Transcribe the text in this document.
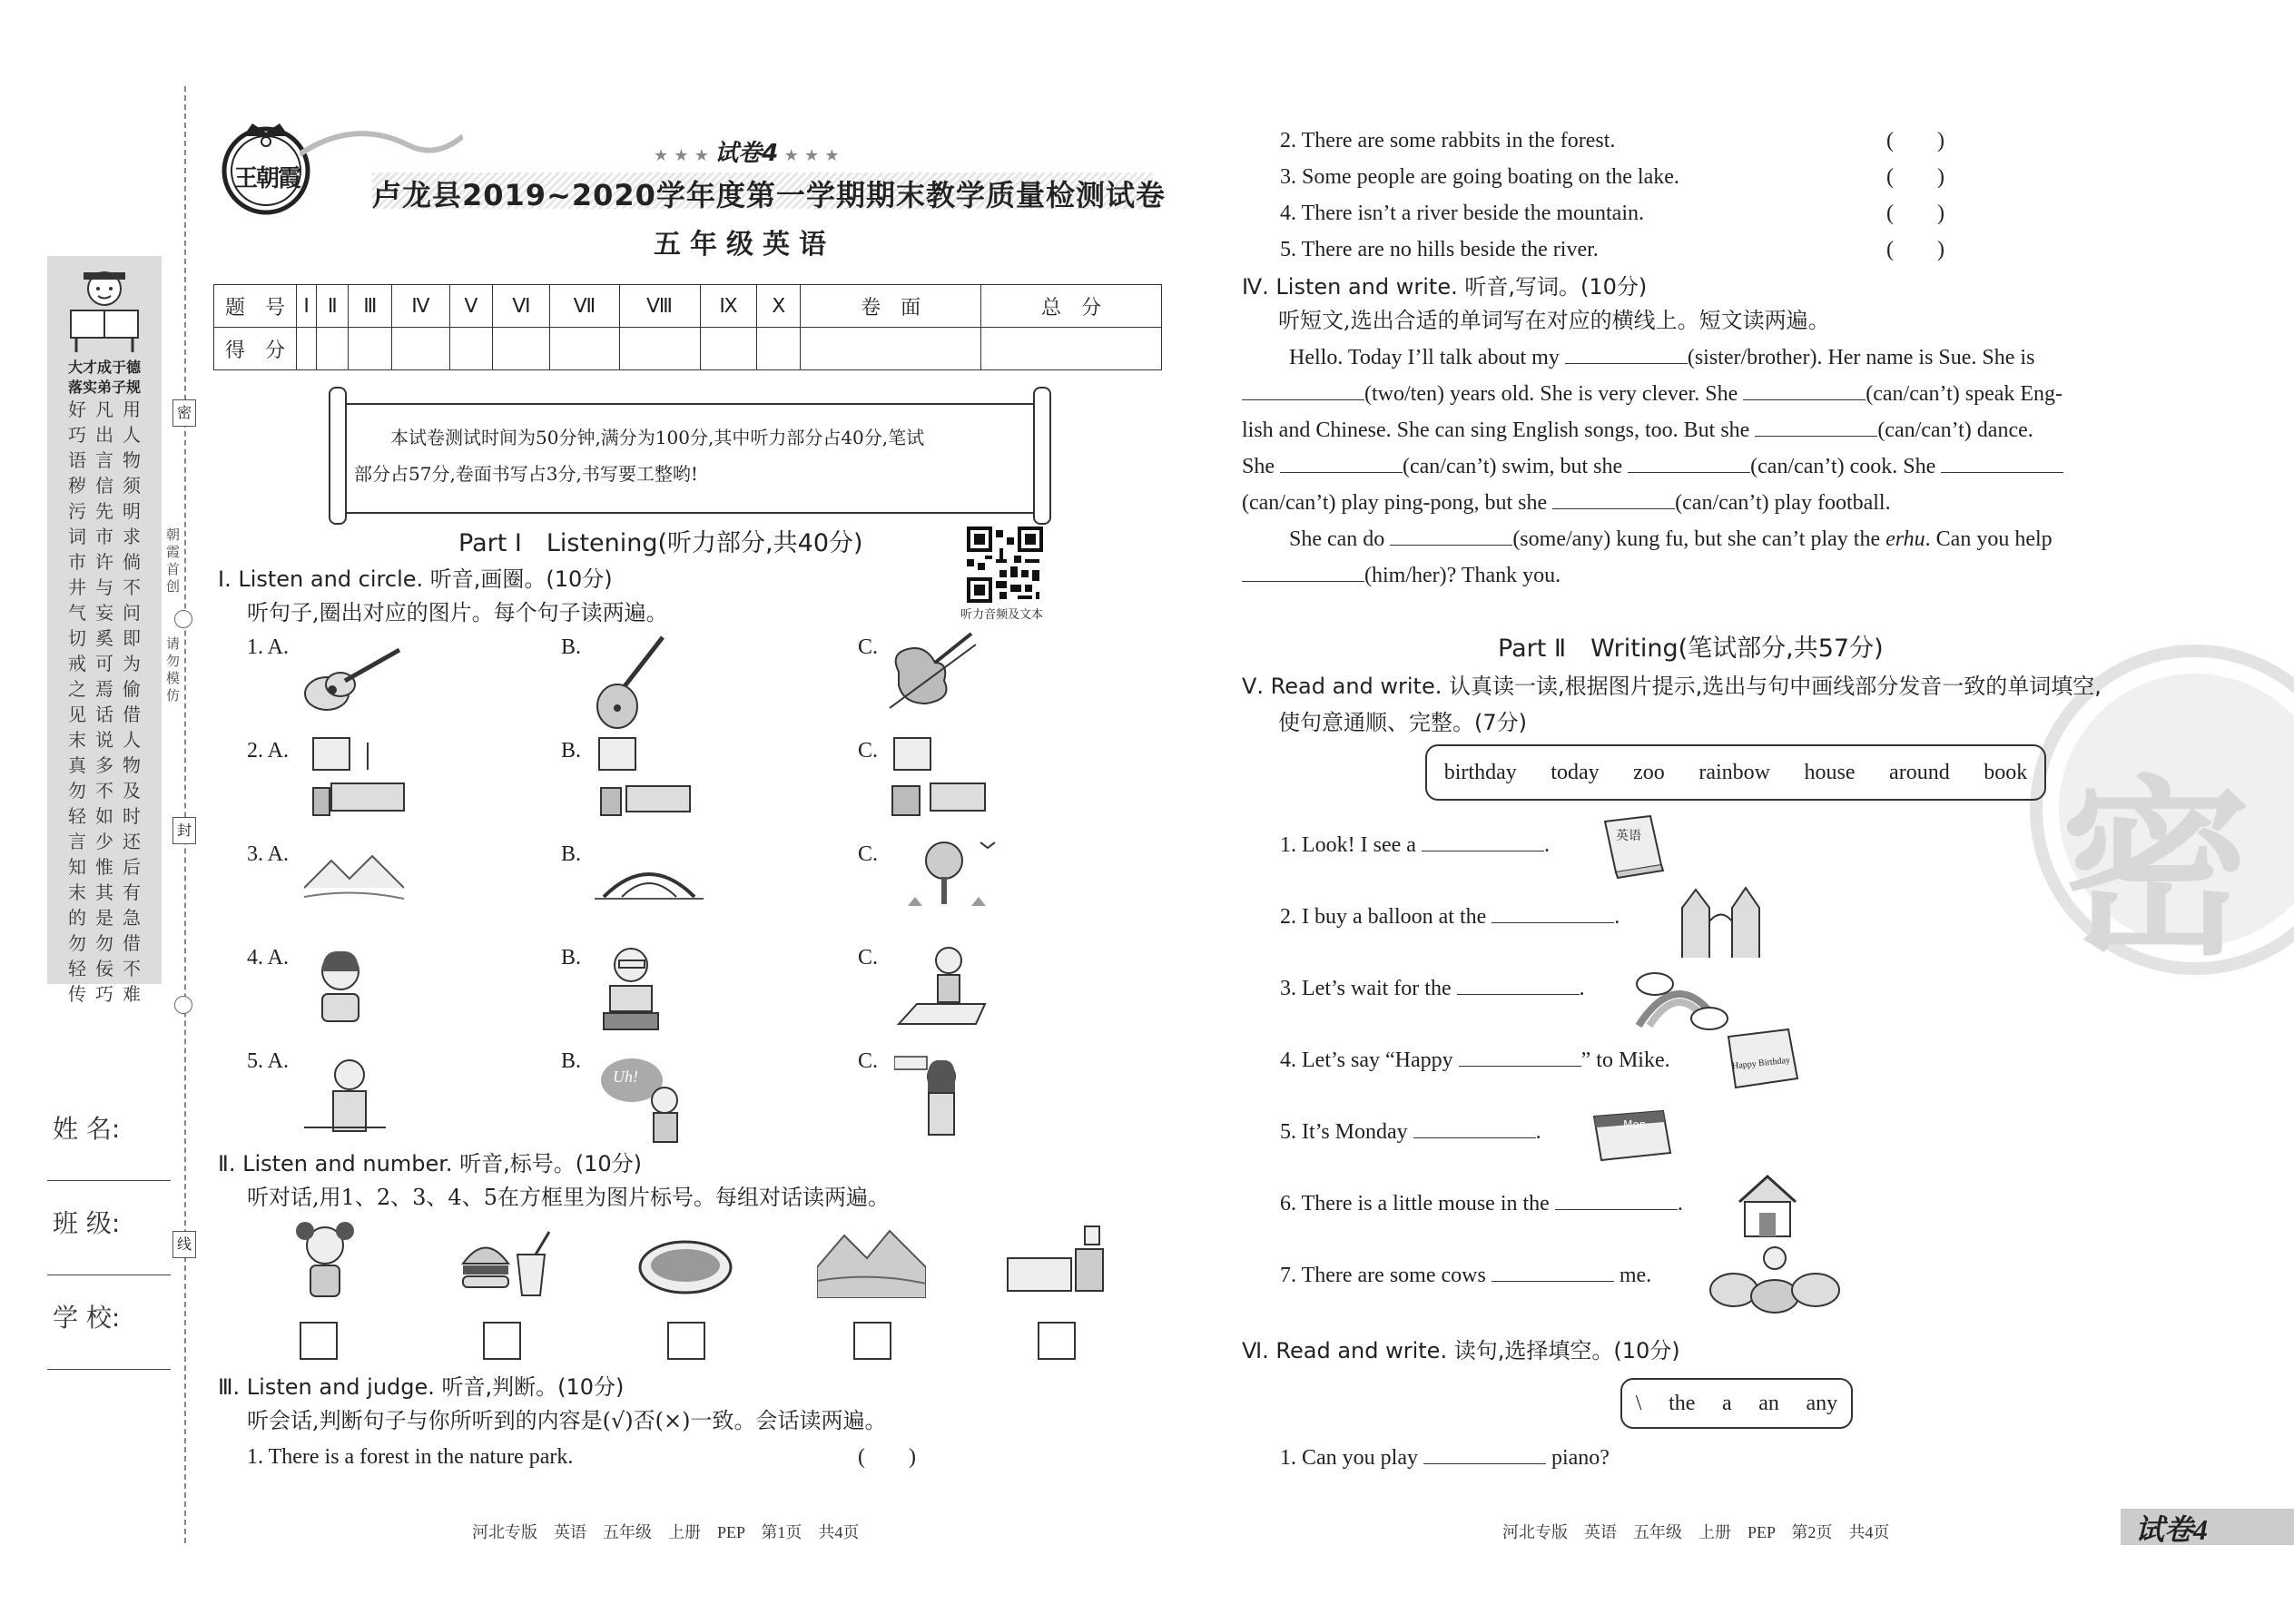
大才成于德
落实弟子规
好巧语秽污词市井气切戒之见末真勿轻言知末的勿轻传
凡出言信先市许与妄奚可焉话说多不如少惟其是勿佞巧
用人物须明求倘不问即为偷借人物及时还后有急借不难
密
封
线
朝霞首创
请勿模仿
姓 名:
班 级:
学 校:
王朝霞
★ ★ ★ 试卷4 ★ ★ ★
卢龙县2019~2020学年度第一学期期末教学质量检测试卷
五年级英语
题　号	Ⅰ	Ⅱ	Ⅲ	Ⅳ	Ⅴ	Ⅵ	Ⅶ	Ⅷ	Ⅸ	Ⅹ	卷　面	总　分
得　分												
本试卷测试时间为50分钟,满分为100分,其中听力部分占40分,笔试
部分占57分,卷面书写占3分,书写要工整哟!
听力音频及文本
Part Ⅰ　Listening(听力部分,共40分)
Ⅰ. Listen and circle. 听音,画圈。(10分)
听句子,圈出对应的图片。每个句子读两遍。
1. A.	B.	C.
2. A.	B.	C.
3. A.	B.	C.
4. A.	B.	C.
5. A.	B.	C.
Uh!
Ⅱ. Listen and number. 听音,标号。(10分)
听对话,用1、2、3、4、5在方框里为图片标号。每组对话读两遍。
Ⅲ. Listen and judge. 听音,判断。(10分)
听会话,判断句子与你所听到的内容是(√)否(×)一致。会话读两遍。
1. There is a forest in the nature park.	(　　)
河北专版　英语　五年级　上册　PEP　第1页　共4页
2. There are some rabbits in the forest.	(　　)
3. Some people are going boating on the lake.	(　　)
4. There isn’t a river beside the mountain.	(　　)
5. There are no hills beside the river.	(　　)
Ⅳ. Listen and write. 听音,写词。(10分)
听短文,选出合适的单词写在对应的横线上。短文读两遍。
Hello. Today I’ll talk about my	(sister/brother). Her name is Sue. She is
(two/ten) years old. She is very clever. She	(can/can’t) speak Eng-
lish and Chinese. She can sing English songs, too. But she	(can/can’t) dance.
She	(can/can’t) swim, but she	(can/can’t) cook. She
(can/can’t) play ping-pong, but she	(can/can’t) play football.
She can do	(some/any) kung fu, but she can’t play the erhu. Can you help
(him/her)? Thank you.
密
Part Ⅱ　Writing(笔试部分,共57分)
Ⅴ. Read and write. 认真读一读,根据图片提示,选出与句中画线部分发音一致的单词填空,
使句意通顺、完整。(7分)
birthday today zoo rainbow house around book
1. Look! I see a	.
2. I buy a balloon at the	.
3. Let’s wait for the	.
4. Let’s say “Happy	” to Mike.
5. It’s Monday	.
6. There is a little mouse in the	.
7. There are some cows	me.
英语
Happy Birthday
Mon
Ⅵ. Read and write. 读句,选择填空。(10分)
\ the a an any
1. Can you play	piano?
河北专版　英语　五年级　上册　PEP　第2页　共4页	试卷4
